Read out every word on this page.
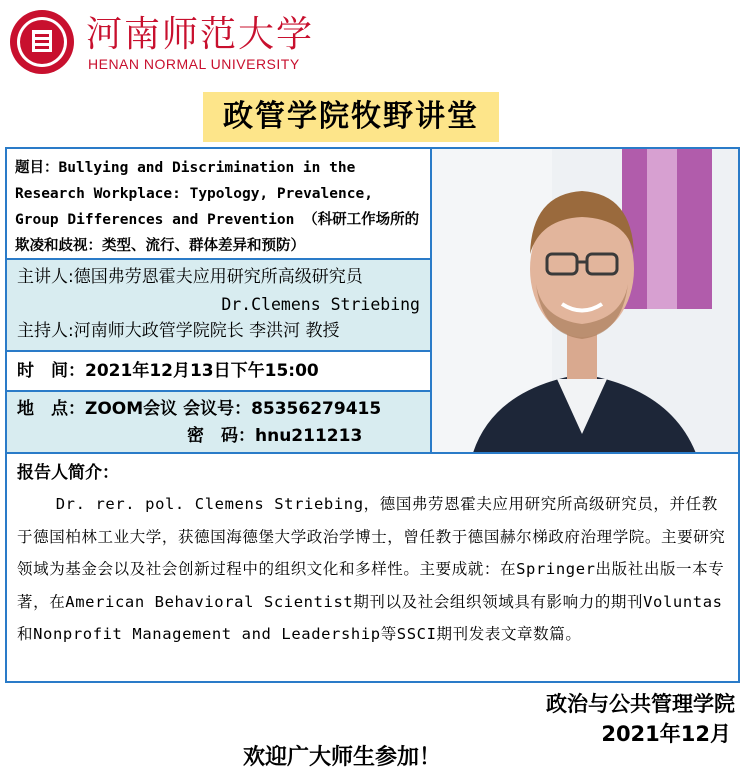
河南师范大学
HENAN NORMAL UNIVERSITY
政管学院牧野讲堂
题目：Bullying and Discrimination in the Research Workplace: Typology, Prevalence, Group Differences and Prevention （科研工作场所的欺凌和歧视：类型、流行、群体差异和预防）
主讲人:德国弗劳恩霍夫应用研究所高级研究员
Dr.Clemens Striebing
主持人:河南师大政管学院院长 李洪河 教授
时　间：2021年12月13日下午15:00
地　点：ZOOM会议 会议号：85356279415
密　码：hnu211213
报告人简介：
Dr. rer. pol. Clemens Striebing，德国弗劳恩霍夫应用研究所高级研究员，并任教于德国柏林工业大学，获德国海德堡大学政治学博士，曾任教于德国赫尔梯政府治理学院。主要研究领域为基金会以及社会创新过程中的组织文化和多样性。主要成就：在Springer出版社出版一本专著，在American Behavioral Scientist期刊以及社会组织领域具有影响力的期刊Voluntas和Nonprofit Management and Leadership等SSCI期刊发表文章数篇。
政治与公共管理学院
2021年12月
欢迎广大师生参加！
